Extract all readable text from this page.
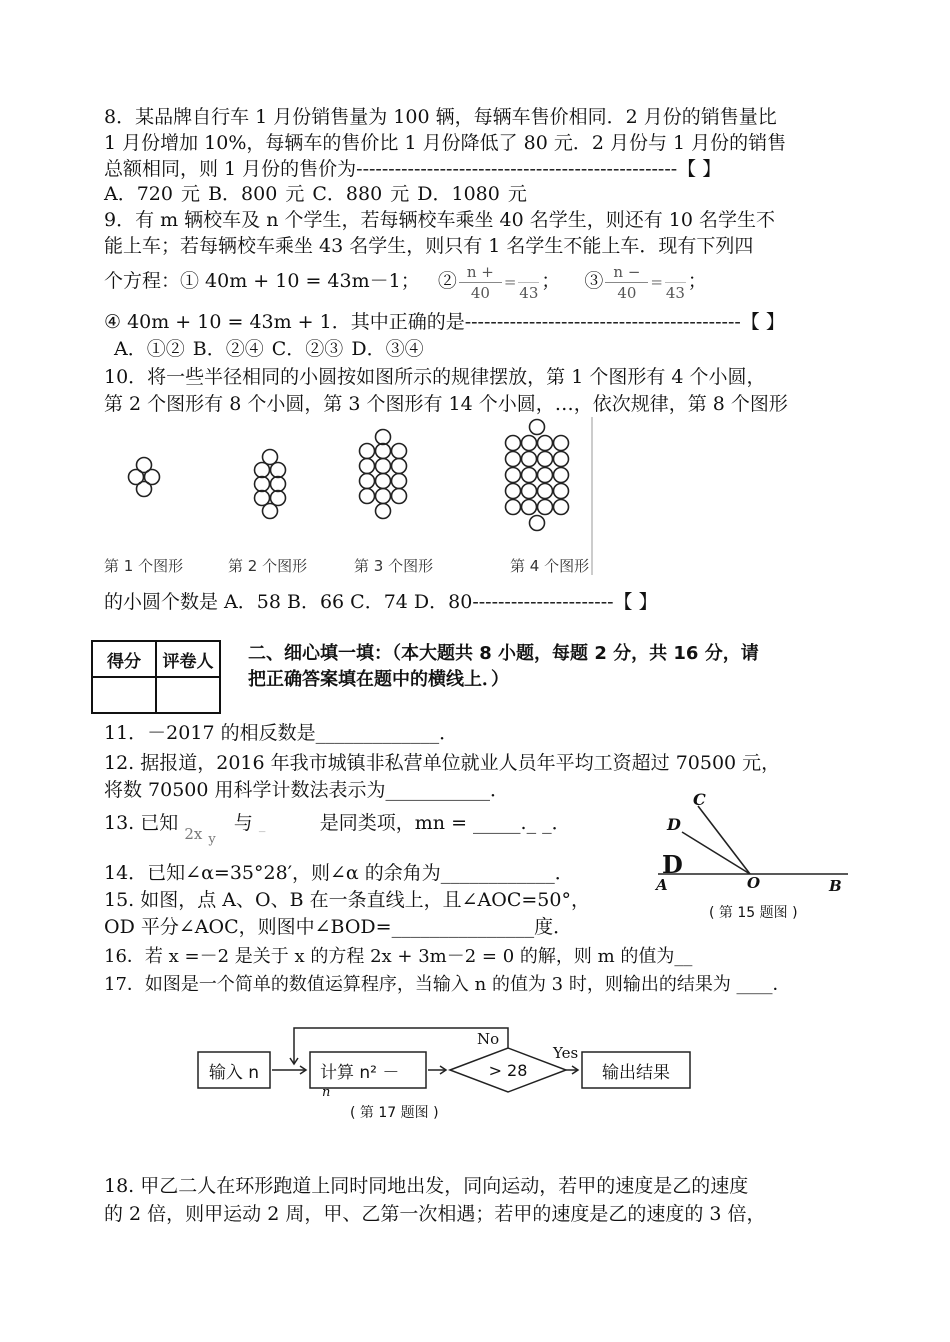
8．某品牌自行车 1 月份销售量为 100 辆，每辆车售价相同．2 月份的销售量比
1 月份增加 10%，每辆车的售价比 1 月份降低了 80 元．2 月份与 1 月份的销售
总额相同，则 1 月份的售价为--------------------------------------------------【 】
A．720 元 B．800 元 C．880 元 D．1080 元
9．有 m 辆校车及 n 个学生，若每辆校车乘坐 40 名学生，则还有 10 名学生不
能上车；若每辆校车乘坐 43 名学生，则只有 1 名学生不能上车．现有下列四
个方程：① 40m + 10 = 43m－1； ② $\frac{n +}{40}$ =

43
； ③ $\frac{n -}{40}$ =

43
；
④ 40m + 10 = 43m + 1．其中正确的是-------------------------------------------【 】
A．①② B．②④ C．②③ D．③④
10．将一些半径相同的小圆按如图所示的规律摆放，第 1 个图形有 4 个小圆，
第 2 个图形有 8 个小圆，第 3 个图形有 14 个小圆，…，依次规律，第 8 个图形
第 1 个图形	第 2 个图形	第 3 个图形	第 4 个图形
的小圆个数是 A．58 B．66 C．74 D．80----------------------【 】
得分	评卷人
	二、细心填一填：（本大题共 8 小题，每题 2 分，共 16 分，请
把正确答案填在题中的横线上．）
11．－2017 的相反数是_____________．
12. 据报道，2016 年我市城镇非私营单位就业人员年平均工资超过 70500 元，
将数 70500 用科学计数法表示为___________．
13. 已知 $_{2x}$ $_y$   与 _	是同类项，mn = _____._ _．
14．已知∠α=35°28′，则∠α 的余角为____________．
15. 如图，点 A、O、B 在一条直线上，且∠AOC=50°，
OD 平分∠AOC，则图中∠BOD=_______________度．
16．若 x =－2 是关于 x 的方程 2x + 3m－2 = 0 的解，则 m 的值为__
17．如图是一个简单的数值运算程序，当输入 n 的值为 3 时，则输出的结果为 ____．
C
D
D
A	O	B
( 第 15 题图 )
输入 n	计算 n² －
n
> 28	输出结果
No
Yes
( 第 17 题图 )
18. 甲乙二人在环形跑道上同时同地出发，同向运动，若甲的速度是乙的速度
的 2 倍，则甲运动 2 周，甲、乙第一次相遇；若甲的速度是乙的速度的 3 倍，
